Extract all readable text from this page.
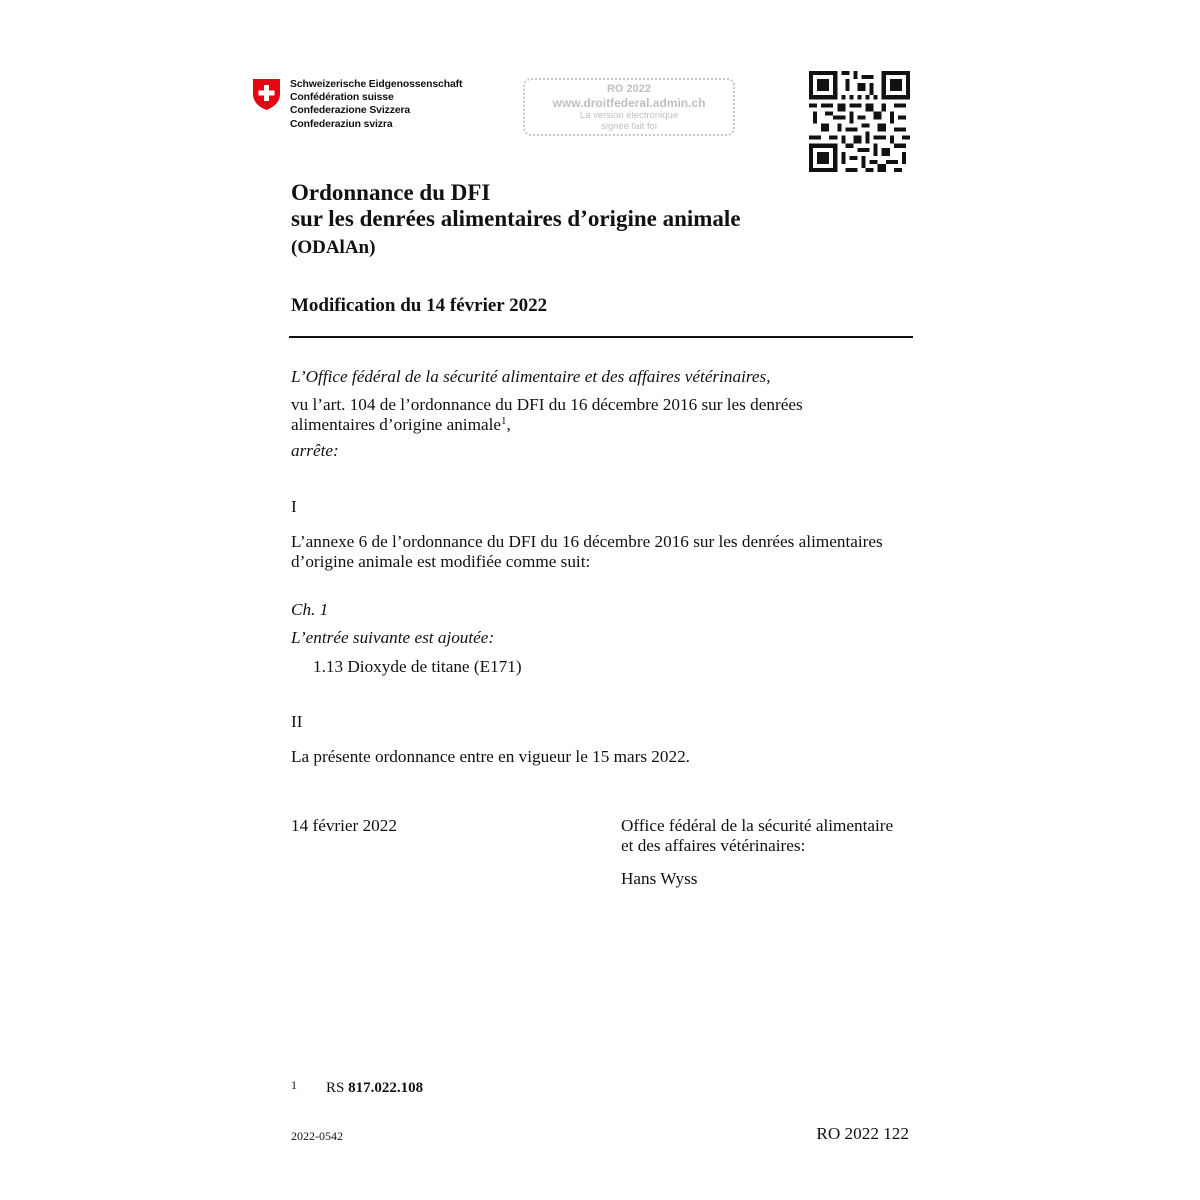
Schweizerische Eidgenossenschaft
Confédération suisse
Confederazione Svizzera
Confederaziun svizra
RO 2022
www.droitfederal.admin.ch
La version électronique
signée fait foi
Ordonnance du DFI
sur les denrées alimentaires d’origine animale
(ODAlAn)
Modification du 14 février 2022
L’Office fédéral de la sécurité alimentaire et des affaires vétérinaires,
vu l’art. 104 de l’ordonnance du DFI du 16 décembre 2016 sur les denrées
alimentaires d’origine animale$^1$,
arrête:
I
L’annexe 6 de l’ordonnance du DFI du 16 décembre 2016 sur les denrées alimentaires
d’origine animale est modifiée comme suit:
Ch. 1
L’entrée suivante est ajoutée:
1.13 Dioxyde de titane (E171)
II
La présente ordonnance entre en vigueur le 15 mars 2022.
14 février 2022	Office fédéral de la sécurité alimentaire
et des affaires vétérinaires:
Hans Wyss
1 RS 817.022.108
2022-0542	RO 2022 122
